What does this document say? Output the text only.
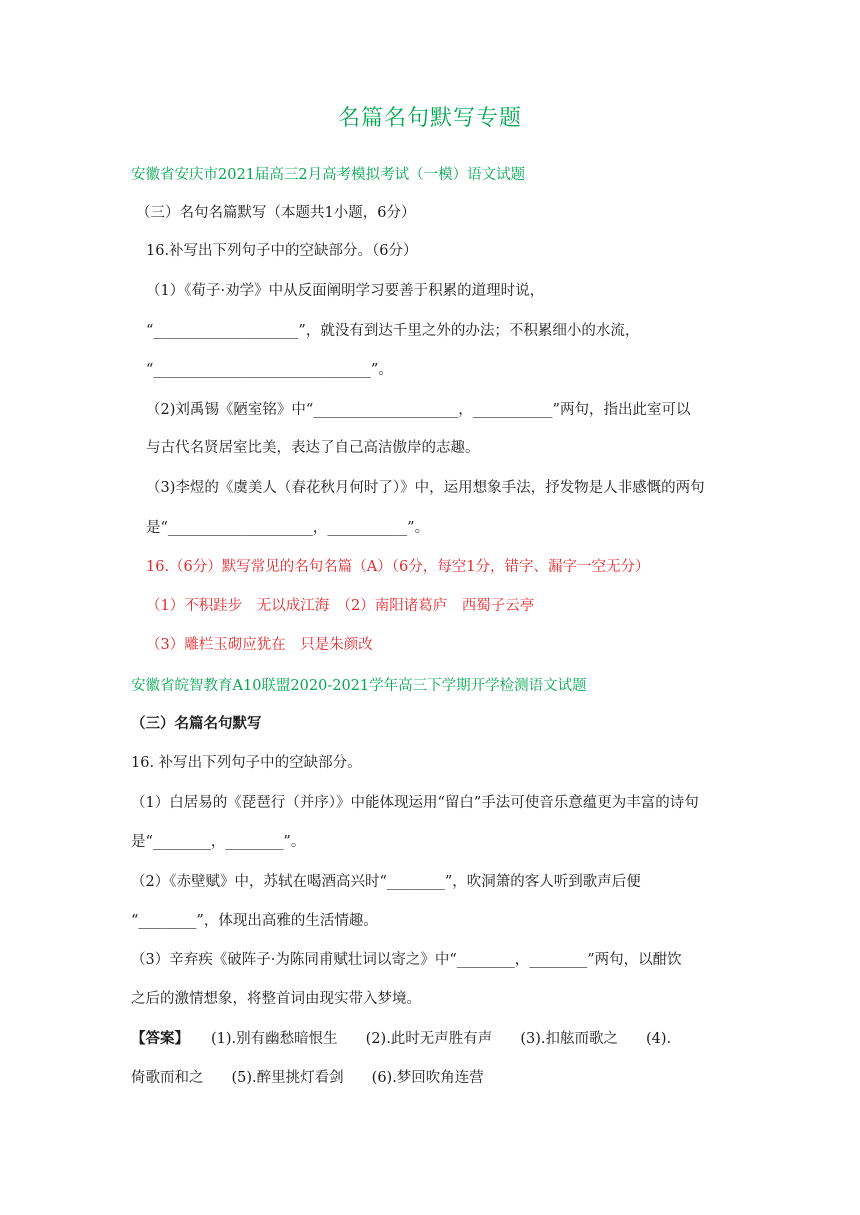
名篇名句默写专题
安徽省安庆市2021届高三2月高考模拟考试（一模）语文试题
（三）名句名篇默写（本题共1小题，6分）
16.补写出下列句子中的空缺部分。（6分）
（1）《荀子·劝学》中从反面阐明学习要善于积累的道理时说，
“____________________”，就没有到达千里之外的办法；不积累细小的水流，
“______________________________”。
（2)刘禹锡《陋室铭》中“____________________，___________”两句，指出此室可以
与古代名贤居室比美，表达了自己高洁傲岸的志趣。
（3)李煜的《虞美人（春花秋月何时了）》中，运用想象手法，抒发物是人非感慨的两句
是“____________________，___________”。
16.（6分）默写常见的名句名篇（A）（6分，每空1分，错字、漏字一空无分）
（1）不积跬步　无以成江海　（2）南阳诸葛庐　西蜀子云亭
（3）雕栏玉砌应犹在　只是朱颜改
安徽省皖智教育A10联盟2020-2021学年高三下学期开学检测语文试题
（三）名篇名句默写
16. 补写出下列句子中的空缺部分。
（1）白居易的《琵琶行（并序）》中能体现运用“留白”手法可使音乐意蕴更为丰富的诗句
是“________，________”。
（2）《赤壁赋》中，苏轼在喝酒高兴时“________”，吹洞箫的客人听到歌声后便
“________”，体现出高雅的生活情趣。
（3）辛弃疾《破阵子·为陈同甫赋壮词以寄之》中“________，________”两句，以酣饮
之后的激情想象，将整首词由现实带入梦境。
【答案】 (1).别有幽愁暗恨生 (2).此时无声胜有声 (3).扣舷而歌之 (4).
倚歌而和之 (5).醉里挑灯看剑 (6).梦回吹角连营
